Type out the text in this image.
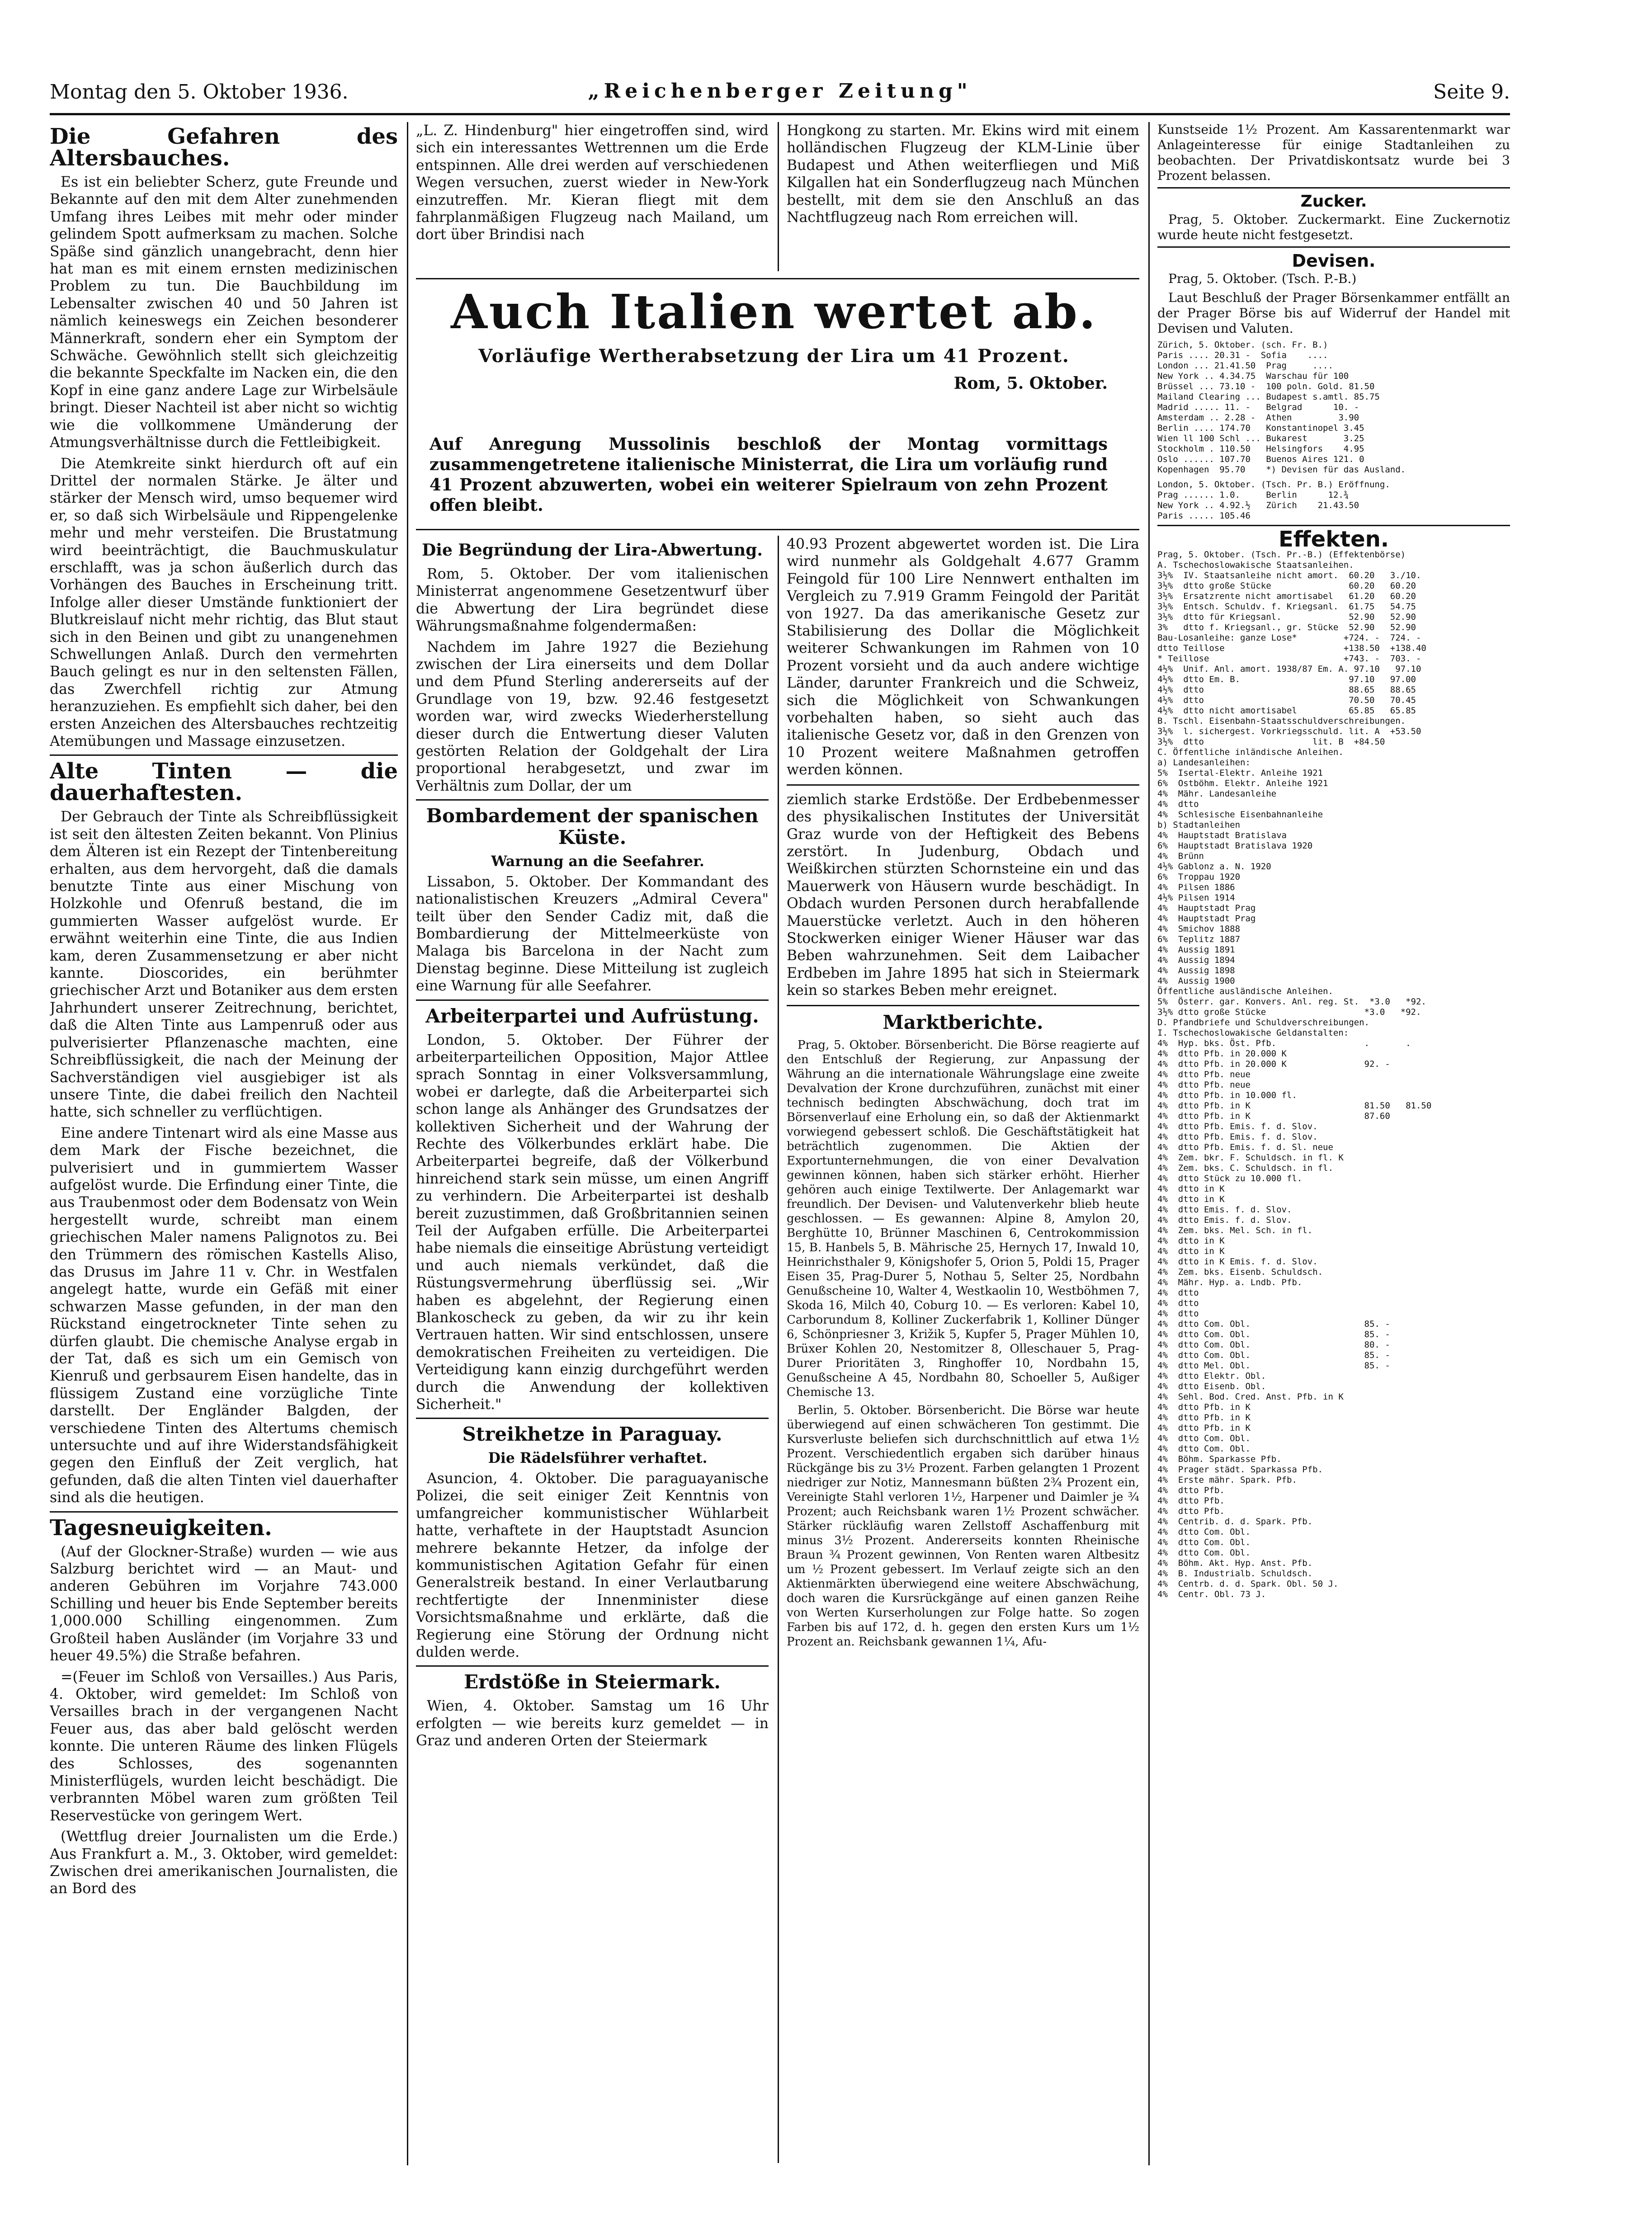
Montag den 5. Oktober 1936.	„Reichenberger Zeitung"	Seite 9.
Die Gefahren des Altersbauches.

Es ist ein beliebter Scherz, gute Freunde und Bekannte auf den mit dem Alter zunehmenden Umfang ihres Leibes mit mehr oder minder gelindem Spott aufmerksam zu machen. Solche Späße sind gänzlich unangebracht, denn hier hat man es mit einem ernsten medizinischen Problem zu tun. Die Bauchbildung im Lebensalter zwischen 40 und 50 Jahren ist nämlich keineswegs ein Zeichen besonderer Männerkraft, sondern eher ein Symptom der Schwäche. Gewöhnlich stellt sich gleichzeitig die bekannte Speckfalte im Nacken ein, die den Kopf in eine ganz andere Lage zur Wirbelsäule bringt. Dieser Nachteil ist aber nicht so wichtig wie die vollkommene Umänderung der Atmungsverhältnisse durch die Fettleibigkeit.

Die Atemkreite sinkt hierdurch oft auf ein Drittel der normalen Stärke. Je älter und stärker der Mensch wird, umso bequemer wird er, so daß sich Wirbelsäule und Rippengelenke mehr und mehr versteifen. Die Brustatmung wird beeinträchtigt, die Bauchmuskulatur erschlafft, was ja schon äußerlich durch das Vorhängen des Bauches in Erscheinung tritt. Infolge aller dieser Umstände funktioniert der Blutkreislauf nicht mehr richtig, das Blut staut sich in den Beinen und gibt zu unangenehmen Schwellungen Anlaß. Durch den vermehrten Bauch gelingt es nur in den seltensten Fällen, das Zwerchfell richtig zur Atmung heranzuziehen. Es empfiehlt sich daher, bei den ersten Anzeichen des Altersbauches rechtzeitig Atemübungen und Massage einzusetzen.

Alte Tinten — die dauerhaftesten.

Der Gebrauch der Tinte als Schreibflüssigkeit ist seit den ältesten Zeiten bekannt. Von Plinius dem Älteren ist ein Rezept der Tintenbereitung erhalten, aus dem hervorgeht, daß die damals benutzte Tinte aus einer Mischung von Holzkohle und Ofenruß bestand, die im gummierten Wasser aufgelöst wurde. Er erwähnt weiterhin eine Tinte, die aus Indien kam, deren Zusammensetzung er aber nicht kannte. Dioscorides, ein berühmter griechischer Arzt und Botaniker aus dem ersten Jahrhundert unserer Zeitrechnung, berichtet, daß die Alten Tinte aus Lampenruß oder aus pulverisierter Pflanzenasche machten, eine Schreibflüssigkeit, die nach der Meinung der Sachverständigen viel ausgiebiger ist als unsere Tinte, die dabei freilich den Nachteil hatte, sich schneller zu verflüchtigen.

Eine andere Tintenart wird als eine Masse aus dem Mark der Fische bezeichnet, die pulverisiert und in gummiertem Wasser aufgelöst wurde. Die Erfindung einer Tinte, die aus Traubenmost oder dem Bodensatz von Wein hergestellt wurde, schreibt man einem griechischen Maler namens Palignotos zu. Bei den Trümmern des römischen Kastells Aliso, das Drusus im Jahre 11 v. Chr. in Westfalen angelegt hatte, wurde ein Gefäß mit einer schwarzen Masse gefunden, in der man den Rückstand eingetrockneter Tinte sehen zu dürfen glaubt. Die chemische Analyse ergab in der Tat, daß es sich um ein Gemisch von Kienruß und gerbsaurem Eisen handelte, das in flüssigem Zustand eine vorzügliche Tinte darstellt. Der Engländer Balgden, der verschiedene Tinten des Altertums chemisch untersuchte und auf ihre Widerstandsfähigkeit gegen den Einfluß der Zeit verglich, hat gefunden, daß die alten Tinten viel dauerhafter sind als die heutigen.

Tagesneuigkeiten.

(Auf der Glockner-Straße) wurden — wie aus Salzburg berichtet wird — an Maut- und anderen Gebühren im Vorjahre 743.000 Schilling und heuer bis Ende September bereits 1,000.000 Schilling eingenommen. Zum Großteil haben Ausländer (im Vorjahre 33 und heuer 49.5%) die Straße befahren.

=(Feuer im Schloß von Versailles.) Aus Paris, 4. Oktober, wird gemeldet: Im Schloß von Versailles brach in der vergangenen Nacht Feuer aus, das aber bald gelöscht werden konnte. Die unteren Räume des linken Flügels des Schlosses, des sogenannten Ministerflügels, wurden leicht beschädigt. Die verbrannten Möbel waren zum größten Teil Reservestücke von geringem Wert.

(Wettflug dreier Journalisten um die Erde.) Aus Frankfurt a. M., 3. Oktober, wird gemeldet: Zwischen drei amerikanischen Journalisten, die an Bord des

„L. Z. Hindenburg" hier eingetroffen sind, wird sich ein interessantes Wettrennen um die Erde entspinnen. Alle drei werden auf verschiedenen Wegen versuchen, zuerst wieder in New-York einzutreffen. Mr. Kieran fliegt mit dem fahrplanmäßigen Flugzeug nach Mailand, um dort über Brindisi nach

Hongkong zu starten. Mr. Ekins wird mit einem holländischen Flugzeug der KLM-Linie über Budapest und Athen weiterfliegen und Miß Kilgallen hat ein Sonderflugzeug nach München bestellt, mit dem sie den Anschluß an das Nachtflugzeug nach Rom erreichen will.

Auch Italien wertet ab.

Vorläufige Wertherabsetzung der Lira um 41 Prozent.

Rom, 5. Oktober.

Auf Anregung Mussolinis beschloß der Montag vormittags zusammengetretene italienische Ministerrat, die Lira um vorläufig rund 41 Prozent abzuwerten, wobei ein weiterer Spielraum von zehn Prozent offen bleibt.
Die Begründung der Lira-Abwertung.

Rom, 5. Oktober. Der vom italienischen Ministerrat angenommene Gesetzentwurf über die Abwertung der Lira begründet diese Währungsmaßnahme folgendermaßen:

Nachdem im Jahre 1927 die Beziehung zwischen der Lira einerseits und dem Dollar und dem Pfund Sterling andererseits auf der Grundlage von 19, bzw. 92.46 festgesetzt worden war, wird zwecks Wiederherstellung dieser durch die Entwertung dieser Valuten gestörten Relation der Goldgehalt der Lira proportional herabgesetzt, und zwar im Verhältnis zum Dollar, der um

Bombardement der spanischen Küste.

Warnung an die Seefahrer.

Lissabon, 5. Oktober. Der Kommandant des nationalistischen Kreuzers „Admiral Cevera" teilt über den Sender Cadiz mit, daß die Bombardierung der Mittelmeerküste von Malaga bis Barcelona in der Nacht zum Dienstag beginne. Diese Mitteilung ist zugleich eine Warnung für alle Seefahrer.

Arbeiterpartei und Aufrüstung.

London, 5. Oktober. Der Führer der arbeiterparteilichen Opposition, Major Attlee sprach Sonntag in einer Volksversammlung, wobei er darlegte, daß die Arbeiterpartei sich schon lange als Anhänger des Grundsatzes der kollektiven Sicherheit und der Wahrung der Rechte des Völkerbundes erklärt habe. Die Arbeiterpartei begreife, daß der Völkerbund hinreichend stark sein müsse, um einen Angriff zu verhindern. Die Arbeiterpartei ist deshalb bereit zuzustimmen, daß Großbritannien seinen Teil der Aufgaben erfülle. Die Arbeiterpartei habe niemals die einseitige Abrüstung verteidigt und auch niemals verkündet, daß die Rüstungsvermehrung überflüssig sei. „Wir haben es abgelehnt, der Regierung einen Blankoscheck zu geben, da wir zu ihr kein Vertrauen hatten. Wir sind entschlossen, unsere demokratischen Freiheiten zu verteidigen. Die Verteidigung kann einzig durchgeführt werden durch die Anwendung der kollektiven Sicherheit."

Streikhetze in Paraguay.

Die Rädelsführer verhaftet.

Asuncion, 4. Oktober. Die paraguayanische Polizei, die seit einiger Zeit Kenntnis von umfangreicher kommunistischer Wühlarbeit hatte, verhaftete in der Hauptstadt Asuncion mehrere bekannte Hetzer, da infolge der kommunistischen Agitation Gefahr für einen Generalstreik bestand. In einer Verlautbarung rechtfertigte der Innenminister diese Vorsichtsmaßnahme und erklärte, daß die Regierung eine Störung der Ordnung nicht dulden werde.

Erdstöße in Steiermark.

Wien, 4. Oktober. Samstag um 16 Uhr erfolgten — wie bereits kurz gemeldet — in Graz und anderen Orten der Steiermark

40.93 Prozent abgewertet worden ist. Die Lira wird nunmehr als Goldgehalt 4.677 Gramm Feingold für 100 Lire Nennwert enthalten im Vergleich zu 7.919 Gramm Feingold der Parität von 1927. Da das amerikanische Gesetz zur Stabilisierung des Dollar die Möglichkeit weiterer Schwankungen im Rahmen von 10 Prozent vorsieht und da auch andere wichtige Länder, darunter Frankreich und die Schweiz, sich die Möglichkeit von Schwankungen vorbehalten haben, so sieht auch das italienische Gesetz vor, daß in den Grenzen von 10 Prozent weitere Maßnahmen getroffen werden können.

ziemlich starke Erdstöße. Der Erdbebenmesser des physikalischen Institutes der Universität Graz wurde von der Heftigkeit des Bebens zerstört. In Judenburg, Obdach und Weißkirchen stürzten Schornsteine ein und das Mauerwerk von Häusern wurde beschädigt. In Obdach wurden Personen durch herabfallende Mauerstücke verletzt. Auch in den höheren Stockwerken einiger Wiener Häuser war das Beben wahrzunehmen. Seit dem Laibacher Erdbeben im Jahre 1895 hat sich in Steiermark kein so starkes Beben mehr ereignet.

Marktberichte.

Prag, 5. Oktober. Börsenbericht. Die Börse reagierte auf den Entschluß der Regierung, zur Anpassung der Währung an die internationale Währungslage eine zweite Devalvation der Krone durchzuführen, zunächst mit einer technisch bedingten Abschwächung, doch trat im Börsenverlauf eine Erholung ein, so daß der Aktienmarkt vorwiegend gebessert schloß. Die Geschäftstätigkeit hat beträchtlich zugenommen. Die Aktien der Exportunternehmungen, die von einer Devalvation gewinnen können, haben sich stärker erhöht. Hierher gehören auch einige Textilwerte. Der Anlagemarkt war freundlich. Der Devisen- und Valutenverkehr blieb heute geschlossen. — Es gewannen: Alpine 8, Amylon 20, Berghütte 10, Brünner Maschinen 6, Centrokommission 15, B. Hanbels 5, B. Mährische 25, Hernych 17, Inwald 10, Heinrichsthaler 9, Königshofer 5, Orion 5, Poldi 15, Prager Eisen 35, Prag-Durer 5, Nothau 5, Selter 25, Nordbahn Genußscheine 10, Walter 4, Westkaolin 10, Westböhmen 7, Skoda 16, Milch 40, Coburg 10. — Es verloren: Kabel 10, Carborundum 8, Kolliner Zuckerfabrik 1, Kolliner Dünger 6, Schönpriesner 3, Križik 5, Kupfer 5, Prager Mühlen 10, Brüxer Kohlen 20, Nestomitzer 8, Olleschauer 5, Prag-Durer Prioritäten 3, Ringhoffer 10, Nordbahn 15, Genußscheine A 45, Nordbahn 80, Schoeller 5, Außiger Chemische 13.

Berlin, 5. Oktober. Börsenbericht. Die Börse war heute überwiegend auf einen schwächeren Ton gestimmt. Die Kursverluste beliefen sich durchschnittlich auf etwa 1½ Prozent. Verschiedentlich ergaben sich darüber hinaus Rückgänge bis zu 3½ Prozent. Farben gelangten 1 Prozent niedriger zur Notiz, Mannesmann büßten 2¾ Prozent ein, Vereinigte Stahl verloren 1½, Harpener und Daimler je ¾ Prozent; auch Reichsbank waren 1½ Prozent schwächer. Stärker rückläufig waren Zellstoff Aschaffenburg mit minus 3½ Prozent. Andererseits konnten Rheinische Braun ¾ Prozent gewinnen, Von Renten waren Altbesitz um ½ Prozent gebessert. Im Verlauf zeigte sich an den Aktienmärkten überwiegend eine weitere Abschwächung, doch waren die Kursrückgänge auf einen ganzen Reihe von Werten Kurserholungen zur Folge hatte. So zogen Farben bis auf 172, d. h. gegen den ersten Kurs um 1½ Prozent an. Reichsbank gewannen 1¼, Afu-

Kunstseide 1½ Prozent. Am Kassarentenmarkt war Anlageinteresse für einige Stadtanleihen zu beobachten. Der Privatdiskontsatz wurde bei 3 Prozent belassen.

Zucker.

Prag, 5. Oktober. Zuckermarkt. Eine Zuckernotiz wurde heute nicht festgesetzt.

Devisen.

Prag, 5. Oktober. (Tsch. P.-B.)

Laut Beschluß der Prager Börsenkammer entfällt an der Prager Börse bis auf Widerruf der Handel mit Devisen und Valuten.

Zürich, 5. Oktober. (sch. Fr. B.)
Paris .... 20.31 -  Sofia    ....
London ... 21.41.50  Prag     ....
New York .. 4.34.75  Warschau für 100
Brüssel ... 73.10 -  100 poln. Gold. 81.50
Mailand Clearing ... Budapest s.amtl. 85.75
Madrid ..... 11. -   Belgrad      10. -
Amsterdam .. 2.28 -  Athen         3.90
Berlin .... 174.70   Konstantinopel 3.45
Wien ll 100 Schl ... Bukarest       3.25
Stockholm . 110.50   Helsingfors    4.95
Oslo ...... 107.70   Buenos Aires 121. 0
Kopenhagen  95.70    *) Devisen für das Ausland.
London, 5. Oktober. (Tsch. Pr. B.) Eröffnung.
Prag ...... 1.0.     Berlin      12.¾
New York .. 4.92.½   Zürich    21.43.50
Paris ..... 105.46
Effekten.
Prag, 5. Oktober. (Tsch. Pr.-B.) (Effektenbörse)
A. Tschechoslowakische Staatsanleihen.
3½%  IV. Staatsanleihe nicht amort.  60.20   3./10.
3½%  dtto große Stücke               60.20   60.20
3½%  Ersatzrente nicht amortisabel   61.20   60.20
3½%  Entsch. Schuldv. f. Kriegsanl.  61.75   54.75
3½%  dtto für Kriegsanl.             52.90   52.90
3%   dtto f. Kriegsanl., gr. Stücke  52.90   52.90
Bau-Losanleihe: ganze Lose*         +724. -  724. -
dtto Teillose                       +138.50  +138.40
* Teillose                          +743. -  703. -
4½%  Unif. Anl. amort. 1938/87 Em. A. 97.10   97.10
4½%  dtto Em. B.                     97.10   97.00
4½%  dtto                            88.65   88.65
4½%  dtto                            70.50   70.45
4½%  dtto nicht amortisabel          65.85   65.85
B. Tschl. Eisenbahn-Staatsschuldverschreibungen.
3½%  l. sichergest. Vorkriegsschuld. lit. A  +53.50
3½%  dtto                     lit. B  +84.50
C. Öffentliche inländische Anleihen.
a) Landesanleihen:
5%  Isertal-Elektr. Anleihe 1921
6%  Ostböhm. Elektr. Anleihe 1921
4%  Mähr. Landesanleihe
4%  dtto
4%  Schlesische Eisenbahnanleihe
b) Stadtanleihen
4%  Hauptstadt Bratislava
6%  Hauptstadt Bratislava 1920
4%  Brünn
4½% Gablonz a. N. 1920
6%  Troppau 1920
4%  Pilsen 1886
4½% Pilsen 1914
4%  Hauptstadt Prag
4%  Hauptstadt Prag
4%  Smichov 1888
6%  Teplitz 1887
4%  Aussig 1891
4%  Aussig 1894
4%  Aussig 1898
4%  Aussig 1900
Öffentliche ausländische Anleihen.
5%  Österr. gar. Konvers. Anl. reg. St.  *3.0   *92.
3½% dtto große Stücke                   *3.0   *92.
D. Pfandbriefe und Schuldverschreibungen.
I. Tschechoslowakische Geldanstalten:
4%  Hyp. bks. Öst. Pfb.                 .       .
4%  dtto Pfb. in 20.000 K
4%  dtto Pfb. in 20.000 K               92. -
4%  dtto Pfb. neue
4%  dtto Pfb. neue
4%  dtto Pfb. in 10.000 fl.
4%  dtto Pfb. in K                      81.50   81.50
4%  dtto Pfb. in K                      87.60
4%  dtto Pfb. Emis. f. d. Slov.
4%  dtto Pfb. Emis. f. d. Slov.
4%  dtto Pfb. Emis. f. d. Sl. neue
4%  Zem. bkr. F. Schuldsch. in fl. K
4%  Zem. bks. C. Schuldsch. in fl.
4%  dtto Stück zu 10.000 fl.
4%  dtto in K
4%  dtto in K
4%  dtto Emis. f. d. Slov.
4%  dtto Emis. f. d. Slov.
4%  Zem. bks. Mel. Sch. in fl.
4%  dtto in K
4%  dtto in K
4%  dtto in K Emis. f. d. Slov.
4%  Zem. bks. Eisenb. Schuldsch.
4%  Mähr. Hyp. a. Lndb. Pfb.
4%  dtto
4%  dtto
4%  dtto
4%  dtto Com. Obl.                      85. -
4%  dtto Com. Obl.                      85. -
4%  dtto Com. Obl.                      80. -
4%  dtto Com. Obl.                      85. -
4%  dtto Mel. Obl.                      85. -
4%  dtto Elektr. Obl.
4%  dtto Eisenb. Obl.
4%  Sehl. Bod. Cred. Anst. Pfb. in K
4%  dtto Pfb. in K
4%  dtto Pfb. in K
4%  dtto Pfb. in K
4%  dtto Com. Obl.
4%  dtto Com. Obl.
4%  Böhm. Sparkasse Pfb.
4%  Prager städt. Sparkassa Pfb.
4%  Erste mähr. Spark. Pfb.
4%  dtto Pfb.
4%  dtto Pfb.
4%  dtto Pfb.
4%  Centrib. d. d. Spark. Pfb.
4%  dtto Com. Obl.
4%  dtto Com. Obl.
4%  dtto Com. Obl.
4%  Böhm. Akt. Hyp. Anst. Pfb.
4%  B. Industrialb. Schuldsch.
4%  Centrb. d. d. Spark. Obl. 50 J.
4%  Centr. Obl. 73 J.
